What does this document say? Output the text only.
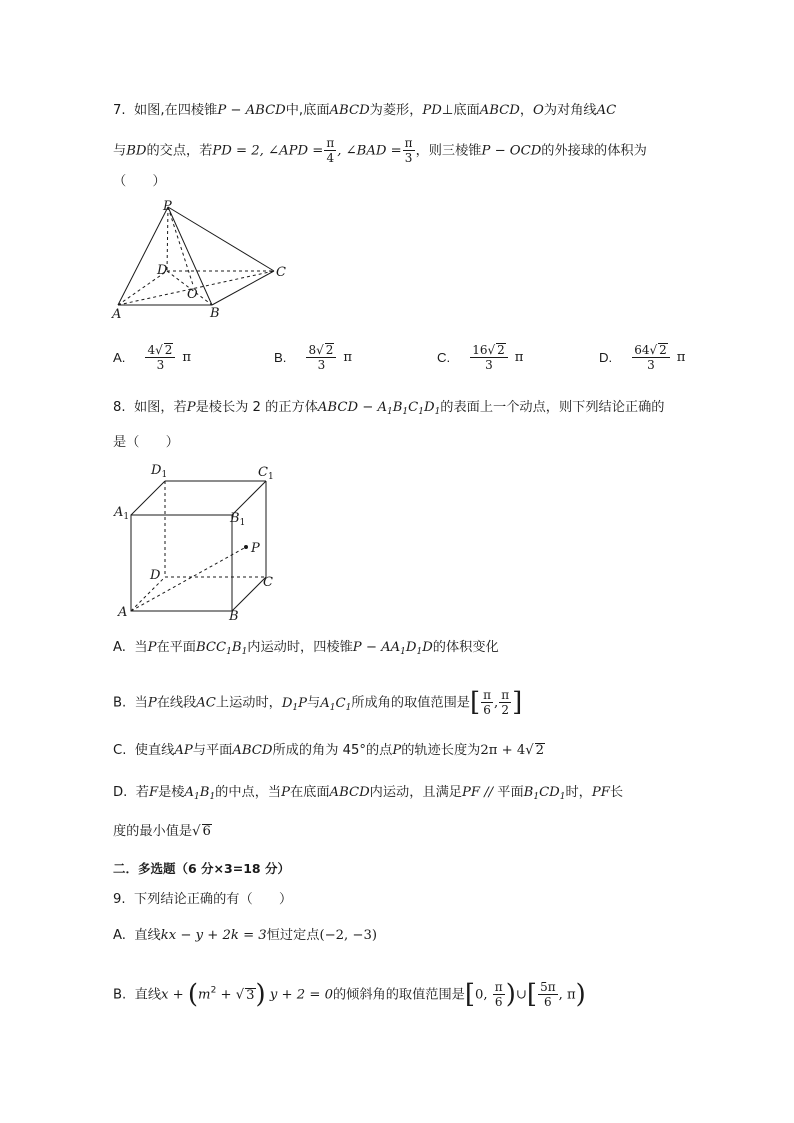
7. 如图,在四棱锥P − ABCD中,底面ABCD为菱形，PD⊥底面ABCD，O为对角线AC
与BD的交点，若PD = 2, ∠APD = $\frac{\pi}{4}$ , ∠BAD = $\frac{\pi}{3}$ ，则三棱锥P − OCD的外接球的体积为
（　　）
P
D	C
O
A	B
A. $\frac{4√ 2}{3}$ π	B. $\frac{8√ 2}{3}$ π	C. $\frac{16√ 2}{3}$ π	D. $\frac{64√ 2}{3}$ π
8. 如图，若P是棱长为 2 的正方体ABCD − $A_1B_1C_1D_1$的表面上一个动点，则下列结论正确的
是（　　）
$D_1$	$C_1$
$A_1$	$B_1$
P
D	C
A	B
A. 当P在平面$BCC_1B_1$内运动时，四棱锥$P - AA_1D_1D$的体积变化
B. 当P在线段AC上运动时，$D_1P$与$A_1C_1$所成角的取值范围是[ $\frac{\pi}{6}$ , $\frac{\pi}{2}$ ]
C. 使直线AP与平面ABCD所成的角为 45°的点P的轨迹长度为2π + 4√ 2
D. 若F是棱$A_1B_1$的中点，当P在底面ABCD内运动，且满足PF // 平面$B_1CD_1$时，PF长
度的最小值是√ 6
二．多选题（6 分×3=18 分）
9. 下列结论正确的有（　　）
A. 直线kx − y + 2k = 3恒过定点(−2, −3)
B. 直线$x + (m^2$ + √ 3) y + 2 = 0的倾斜角的取值范围是[0, $\frac{\pi}{6}$ )∪[ $\frac{5\pi}{6}$ , π)
